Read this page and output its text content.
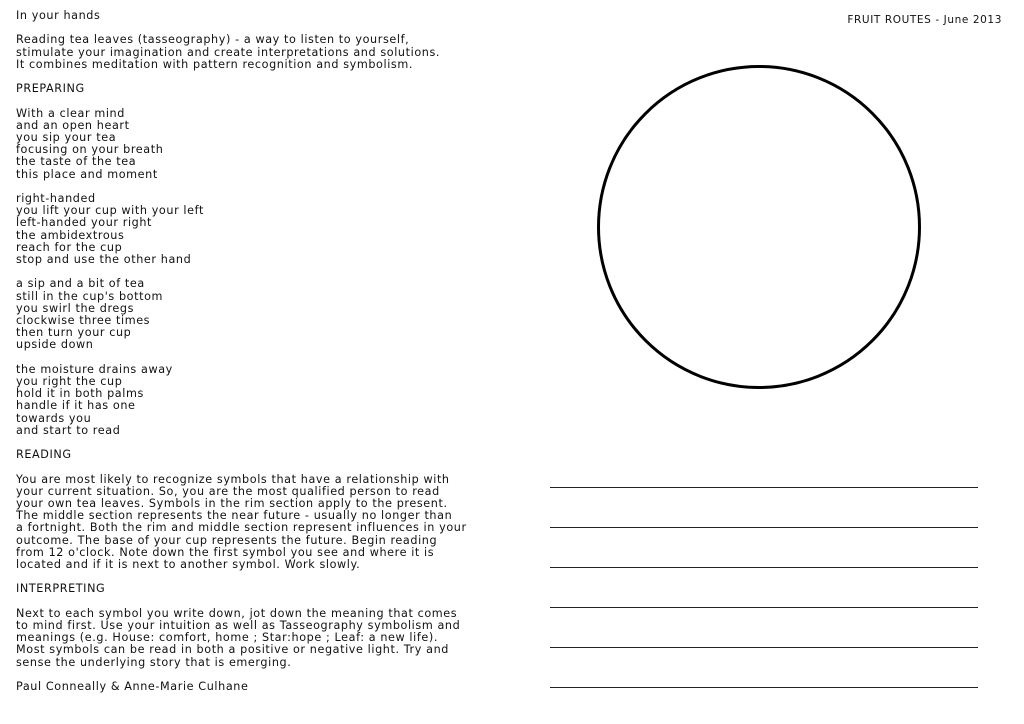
In your hands
Reading tea leaves (tasseography) - a way to listen to yourself,
stimulate your imagination and create interpretations and solutions.
It combines meditation with pattern recognition and symbolism.
PREPARING
With a clear mind
and an open heart
you sip your tea
focusing on your breath
the taste of the tea
this place and moment
right-handed
you lift your cup with your left
left-handed your right
the ambidextrous
reach for the cup
stop and use the other hand
a sip and a bit of tea
still in the cup's bottom
you swirl the dregs
clockwise three times
then turn your cup
upside down
the moisture drains away
you right the cup
hold it in both palms
handle if it has one
towards you
and start to read
READING
You are most likely to recognize symbols that have a relationship with
your current situation. So, you are the most qualified person to read
your own tea leaves. Symbols in the rim section apply to the present.
The middle section represents the near future - usually no longer than
a fortnight. Both the rim and middle section represent influences in your
outcome. The base of your cup represents the future. Begin reading
from 12 o'clock. Note down the first symbol you see and where it is
located and if it is next to another symbol. Work slowly.
INTERPRETING
Next to each symbol you write down, jot down the meaning that comes
to mind first. Use your intuition as well as Tasseography symbolism and
meanings (e.g. House: comfort, home ; Star:hope ; Leaf: a new life).
Most symbols can be read in both a positive or negative light. Try and
sense the underlying story that is emerging.
Paul Conneally & Anne-Marie Culhane
FRUIT ROUTES - June 2013
